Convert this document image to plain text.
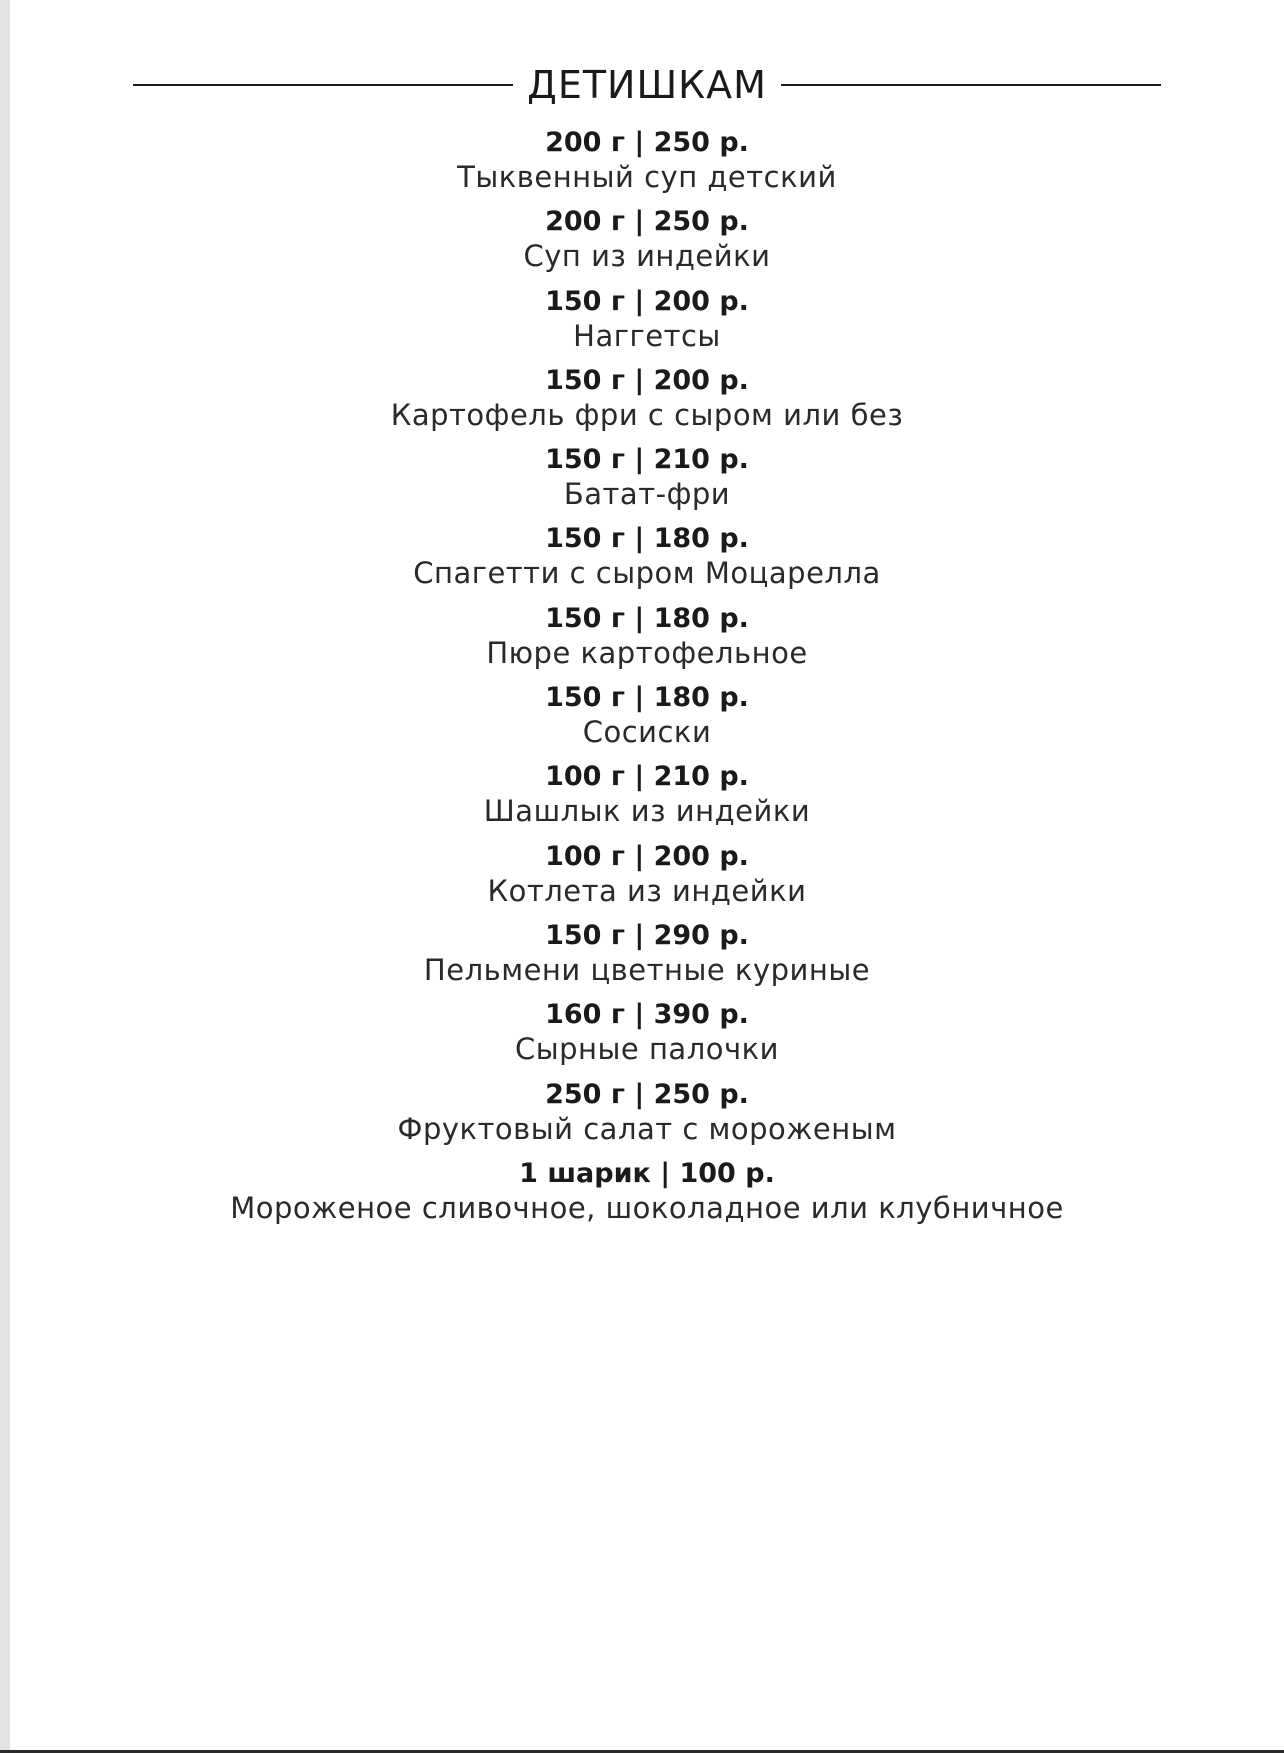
ДЕТИШКАМ
200 г | 250 р.
Тыквенный суп детский
200 г | 250 р.
Суп из индейки
150 г | 200 р.
Наггетсы
150 г | 200 р.
Картофель фри с сыром или без
150 г | 210 р.
Батат-фри
150 г | 180 р.
Спагетти с сыром Моцарелла
150 г | 180 р.
Пюре картофельное
150 г | 180 р.
Сосиски
100 г | 210 р.
Шашлык из индейки
100 г | 200 р.
Котлета из индейки
150 г | 290 р.
Пельмени цветные куриные
160 г | 390 р.
Сырные палочки
250 г | 250 р.
Фруктовый салат с мороженым
1 шарик | 100 р.
Мороженое сливочное, шоколадное или клубничное
